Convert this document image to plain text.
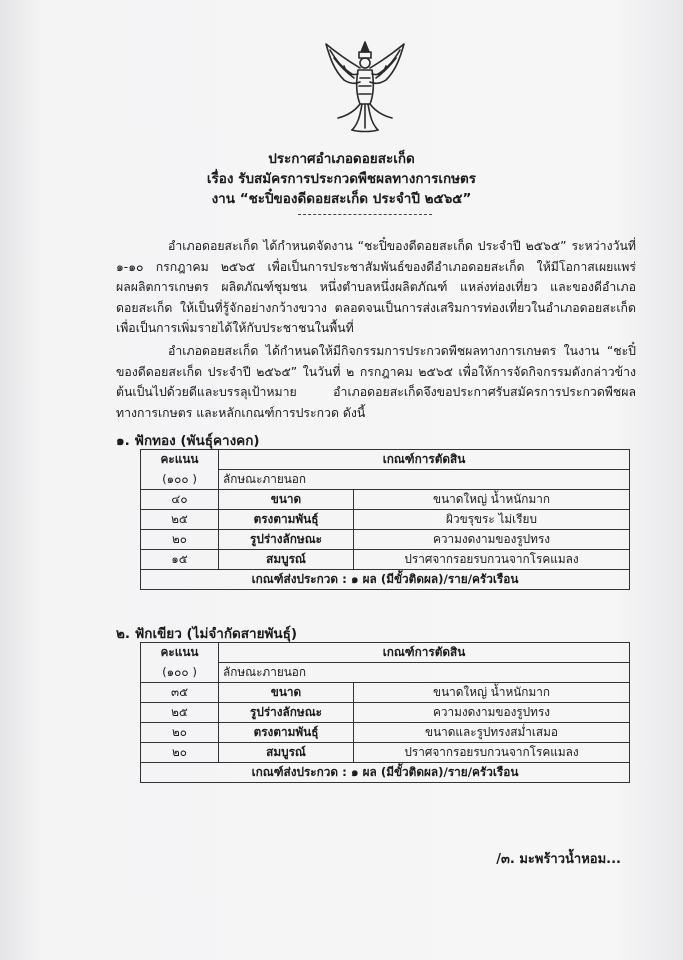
ประกาศอำเภอดอยสะเก็ด
เรื่อง รับสมัครการประกวดพืชผลทางการเกษตร
งาน “ชะปิ๋ของดีดอยสะเก็ด ประจำปี ๒๕๖๕”

อำเภอดอยสะเก็ด ได้กำหนดจัดงาน “ชะปิ๋ของดีดอยสะเก็ด ประจำปี ๒๕๖๕” ระหว่างวันที่ ๑-๑๐ กรกฎาคม ๒๕๖๕ เพื่อเป็นการประชาสัมพันธ์ของดีอำเภอดอยสะเก็ด ให้มีโอกาสเผยแพร่ผลผลิตการเกษตร ผลิตภัณฑ์ชุมชน หนึ่งตำบลหนึ่งผลิตภัณฑ์ แหล่งท่องเที่ยว และของดีอำเภอดอยสะเก็ด ให้เป็นที่รู้จักอย่างกว้างขวาง ตลอดจนเป็นการส่งเสริมการท่องเที่ยวในอำเภอดอยสะเก็ด เพื่อเป็นการเพิ่มรายได้ให้กับประชาชนในพื้นที่

อำเภอดอยสะเก็ด ได้กำหนดให้มีกิจกรรมการประกวดพืชผลทางการเกษตร ในงาน “ชะปิ๋ของดีดอยสะเก็ด ประจำปี ๒๕๖๕” ในวันที่ ๒ กรกฎาคม ๒๕๖๕ เพื่อให้การจัดกิจกรรมดังกล่าวข้างต้นเป็นไปด้วยดีและบรรลุเป้าหมาย อำเภอดอยสะเก็ดจึงขอประกาศรับสมัครการประกวดพืชผลทางการเกษตร และหลักเกณฑ์การประกวด ดังนี้

๑. ฟักทอง (พันธุ์คางคก)
คะแนน	เกณฑ์การตัดสิน	
(๑๐๐ )	ลักษณะภายนอก	
๔๐	ขนาด	ขนาดใหญ่ น้ำหนักมาก
๒๕	ตรงตามพันธุ์	ผิวขรุขระ ไม่เรียบ
๒๐	รูปร่างลักษณะ	ความงดงามของรูปทรง
๑๕	สมบูรณ์	ปราศจากรอยรบกวนจากโรคแมลง
เกณฑ์ส่งประกวด : ๑ ผล (มีขั้วติดผล)/ราย/ครัวเรือน		
๒. ฟักเขียว (ไม่จำกัดสายพันธุ์)
คะแนน	เกณฑ์การตัดสิน	
(๑๐๐ )	ลักษณะภายนอก	
๓๕	ขนาด	ขนาดใหญ่ น้ำหนักมาก
๒๕	รูปร่างลักษณะ	ความงดงามของรูปทรง
๒๐	ตรงตามพันธุ์	ขนาดและรูปทรงสม่ำเสมอ
๒๐	สมบูรณ์	ปราศจากรอยรบกวนจากโรคแมลง
เกณฑ์ส่งประกวด : ๑ ผล (มีขั้วติดผล)/ราย/ครัวเรือน		
/๓. มะพร้าวน้ำหอม...
